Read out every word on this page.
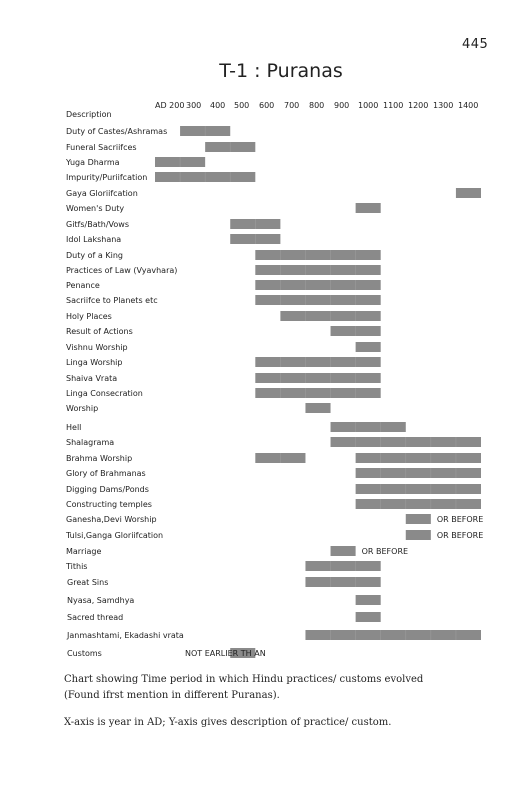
445
T-1 : Puranas
AD 200 300 400 500 600 700 800 900 1000 1100 1200 1300 1400
Description
Duty of Castes/Ashramas
Funeral Sacriifces
Yuga Dharma
Impurity/Puriifcation
Gaya Gloriifcation
Women's Duty
Gitfs/Bath/Vows
Idol Lakshana
Duty of a King
Practices of Law (Vyavhara)
Penance
Sacriifce to Planets etc
Holy Places
Result of Actions
Vishnu Worship
Linga Worship
Shaiva Vrata
Linga Consecration
Worship
Hell
Shalagrama
Brahma Worship
Glory of Brahmanas
Digging Dams/Ponds
Constructing temples
Ganesha,Devi Worship	OR BEFORE
Tulsi,Ganga Gloriifcation	OR BEFORE
Marriage	OR BEFORE
Tithis
Great Sins
Nyasa, Samdhya
Sacred thread
Janmashtami, Ekadashi vrata
Customs	NOT EARLIER TH AN
Chart showing Time period in which Hindu practices/ customs evolved
(Found ifrst mention in different Puranas).
X-axis is year in AD; Y-axis gives description of practice/ custom.
